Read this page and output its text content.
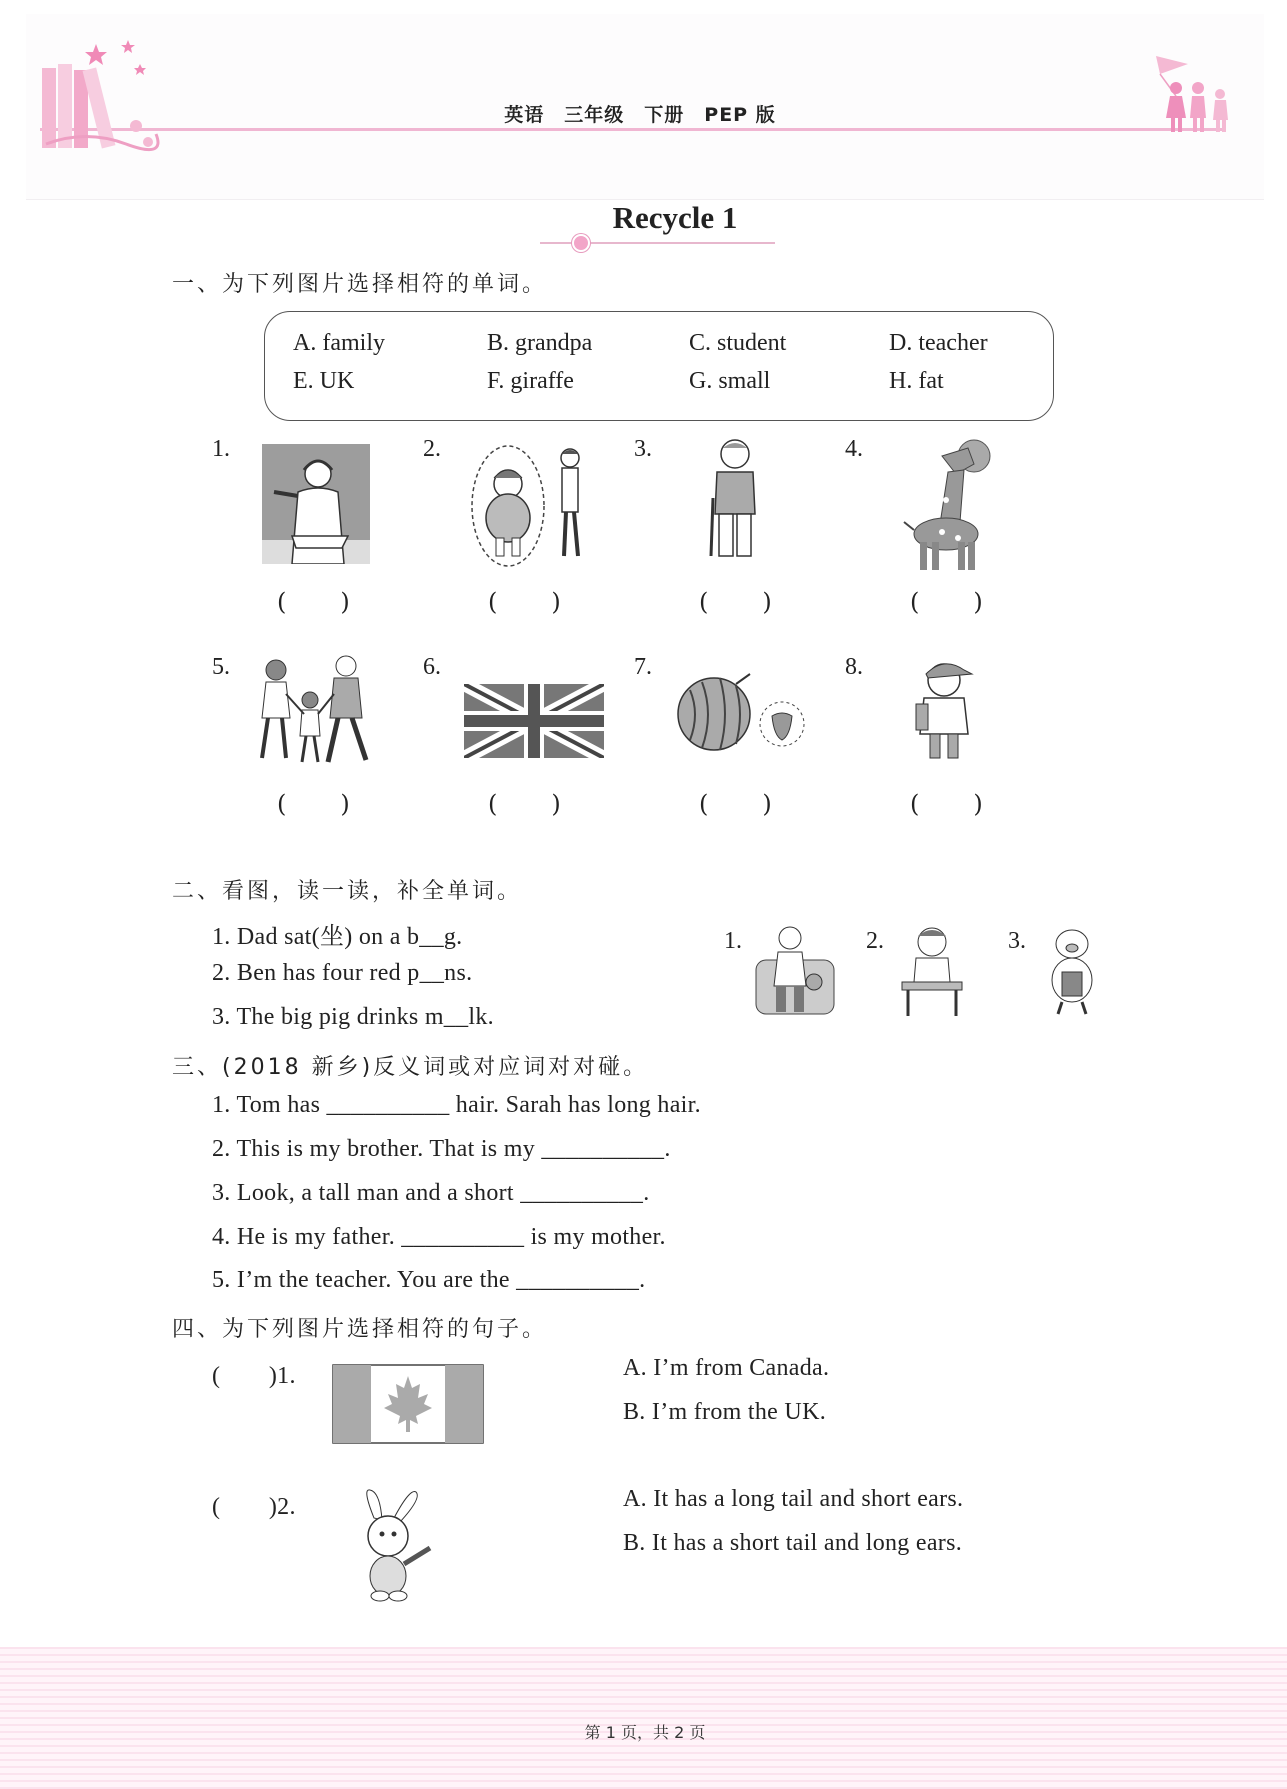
英语　三年级　下册　PEP 版
Recycle 1
一、为下列图片选择相符的单词。
A. family	B. grandpa	C. student	D. teacher
E. UK	F. giraffe	G. small	H. fat
1.	2.	3.	4.
(　　)	(　　)	(　　)	(　　)
5.	6.	7.	8.
(　　)	(　　)	(　　)	(　　)
二、看图，读一读，补全单词。
1. Dad sat(坐) on a b__g.
2. Ben has four red p__ns.
3. The big pig drinks m__lk.
1.	2.	3.
三、(2018 新乡)反义词或对应词对对碰。
1. Tom has __________ hair. Sarah has long hair.
2. This is my brother. That is my __________.
3. Look, a tall man and a short __________.
4. He is my father. __________ is my mother.
5. I’m the teacher. You are the __________.
四、为下列图片选择相符的句子。
(　　)1.	A. I’m from Canada.
B. I’m from the UK.
(　　)2.	A. It has a long tail and short ears.
B. It has a short tail and long ears.
第 1 页，共 2 页
